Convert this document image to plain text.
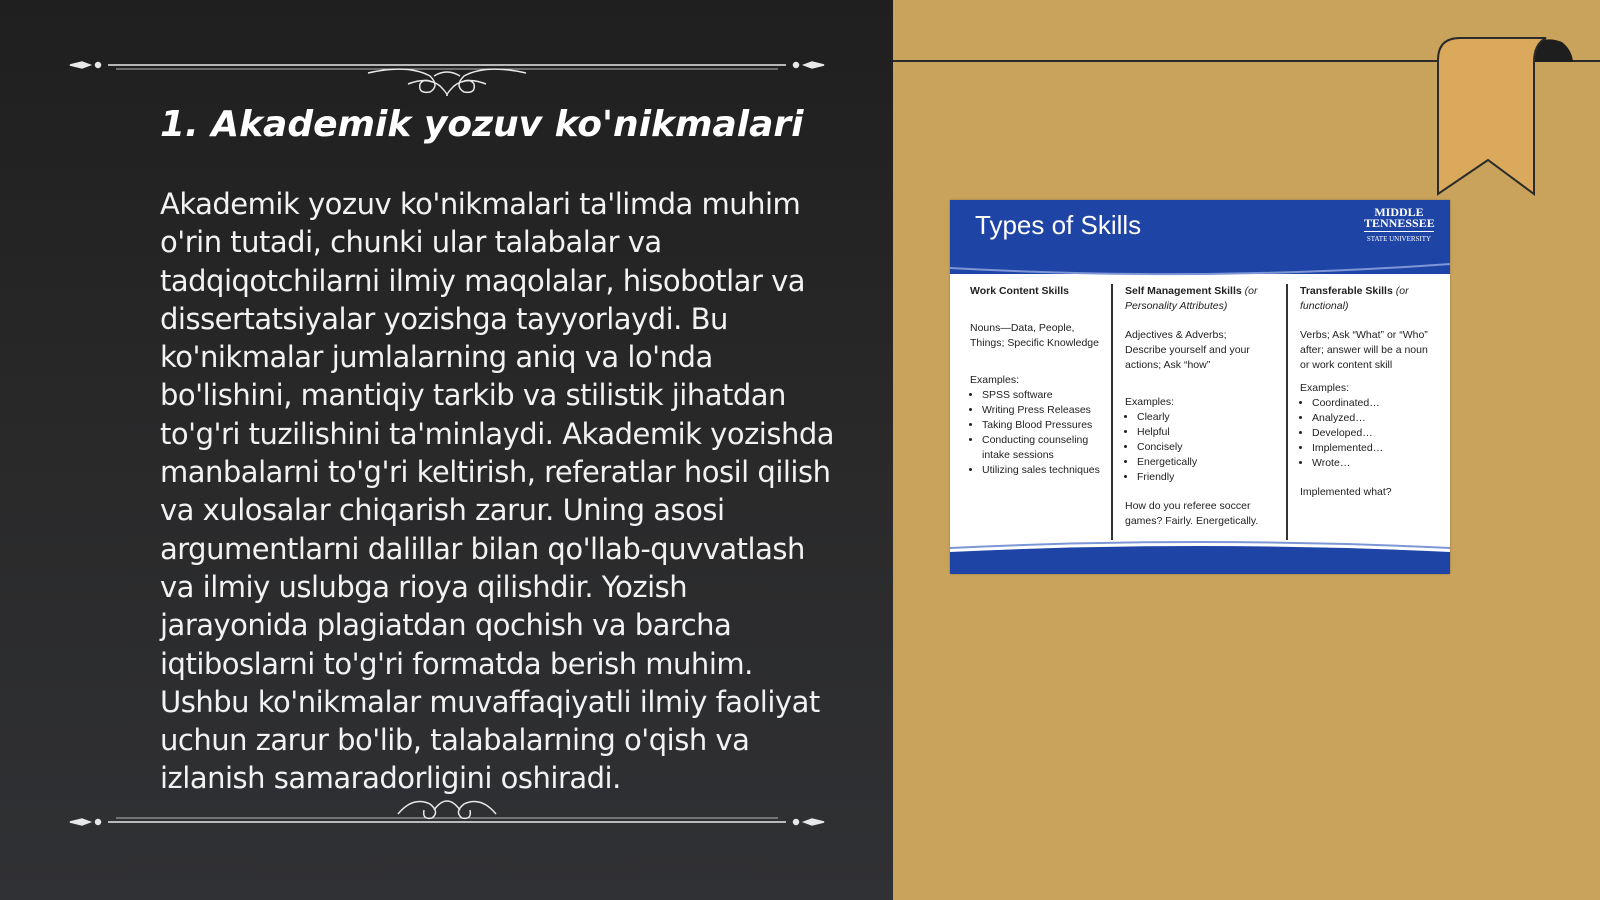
1. Akademik yozuv ko'nikmalari

Akademik yozuv ko'nikmalari ta'limda muhim o'rin tutadi, chunki ular talabalar va tadqiqotchilarni ilmiy maqolalar, hisobotlar va dissertatsiyalar yozishga tayyorlaydi. Bu ko'nikmalar jumlalarning aniq va lo'nda bo'lishini, mantiqiy tarkib va stilistik jihatdan to'g'ri tuzilishini ta'minlaydi. Akademik yozishda manbalarni to'g'ri keltirish, referatlar hosil qilish va xulosalar chiqarish zarur. Uning asosi argumentlarni dalillar bilan qo'llab-quvvatlash va ilmiy uslubga rioya qilishdir. Yozish jarayonida plagiatdan qochish va barcha iqtiboslarni to'g'ri formatda berish muhim. Ushbu ko'nikmalar muvaffaqiyatli ilmiy faoliyat uchun zarur bo'lib, talabalarning o'qish va izlanish samaradorligini oshiradi.

Types of Skills	MIDDLE
TENNESSEE
STATE UNIVERSITY
Work Content Skills

Nouns—Data, People, Things; Specific Knowledge

Examples:

• SPSS software
• Writing Press Releases
• Taking Blood Pressures
• Conducting counseling intake sessions
• Utilizing sales techniques
Self Management Skills (or Personality Attributes)

Adjectives & Adverbs; Describe yourself and your actions; Ask “how”

Examples:

• Clearly
• Helpful
• Concisely
• Energetically
• Friendly

How do you referee soccer games? Fairly. Energetically.

Transferable Skills (or functional)

Verbs; Ask “What” or “Who” after; answer will be a noun or work content skill

Examples:

• Coordinated…
• Analyzed…
• Developed…
• Implemented…
• Wrote…

Implemented what?
